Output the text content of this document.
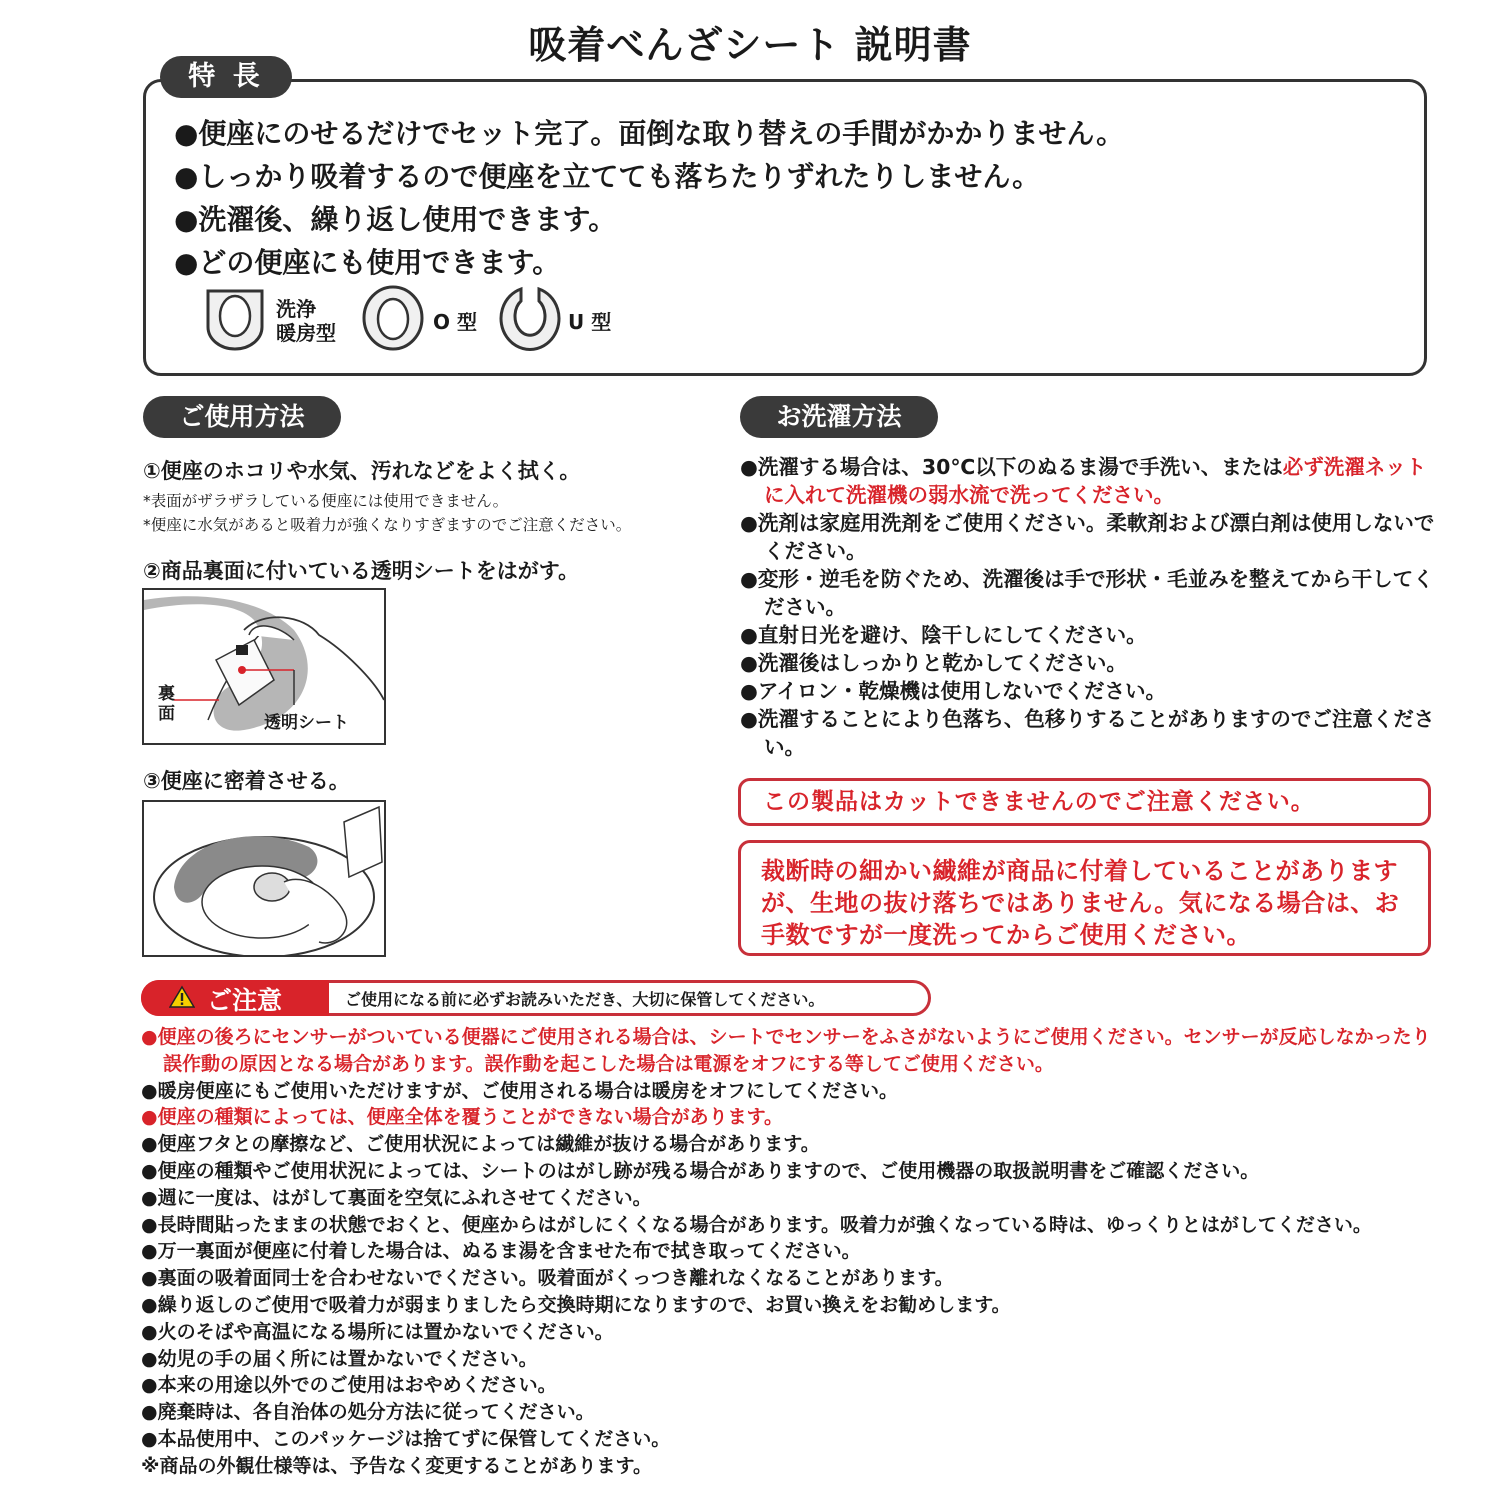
吸着べんざシート 説明書
特 長
●便座にのせるだけでセット完了。面倒な取り替えの手間がかかりません。
●しっかり吸着するので便座を立てても落ちたりずれたりしません。
●洗濯後、繰り返し使用できます。
●どの便座にも使用できます。
洗浄
暖房型	O 型	U 型
ご使用方法
①便座のホコリや水気、汚れなどをよく拭く。
*表面がザラザラしている便座には使用できません。
*便座に水気があると吸着力が強くなりすぎますのでご注意ください。
②商品裏面に付いている透明シートをはがす。
裏
面	透明シート
③便座に密着させる。
お洗濯方法

●洗濯する場合は、30℃以下のぬるま湯で手洗い、または必ず洗濯ネットに入れて洗濯機の弱水流で洗ってください。

●洗剤は家庭用洗剤をご使用ください。柔軟剤および漂白剤は使用しないでください。

●変形・逆毛を防ぐため、洗濯後は手で形状・毛並みを整えてから干してください。

●直射日光を避け、陰干しにしてください。

●洗濯後はしっかりと乾かしてください。

●アイロン・乾燥機は使用しないでください。

●洗濯することにより色落ち、色移りすることがありますのでご注意ください。

この製品はカットできませんのでご注意ください。
裁断時の細かい繊維が商品に付着していることがありますが、生地の抜け落ちではありません。気になる場合は、お手数ですが一度洗ってからご使用ください。
ご注意	ご使用になる前に必ずお読みいただき、大切に保管してください。

●便座の後ろにセンサーがついている便器にご使用される場合は、シートでセンサーをふさがないようにご使用ください。センサーが反応しなかったり誤作動の原因となる場合があります。誤作動を起こした場合は電源をオフにする等してご使用ください。

●暖房便座にもご使用いただけますが、ご使用される場合は暖房をオフにしてください。

●便座の種類によっては、便座全体を覆うことができない場合があります。

●便座フタとの摩擦など、ご使用状況によっては繊維が抜ける場合があります。

●便座の種類やご使用状況によっては、シートのはがし跡が残る場合がありますので、ご使用機器の取扱説明書をご確認ください。

●週に一度は、はがして裏面を空気にふれさせてください。

●長時間貼ったままの状態でおくと、便座からはがしにくくなる場合があります。吸着力が強くなっている時は、ゆっくりとはがしてください。

●万一裏面が便座に付着した場合は、ぬるま湯を含ませた布で拭き取ってください。

●裏面の吸着面同士を合わせないでください。吸着面がくっつき離れなくなることがあります。

●繰り返しのご使用で吸着力が弱まりましたら交換時期になりますので、お買い換えをお勧めします。

●火のそばや高温になる場所には置かないでください。

●幼児の手の届く所には置かないでください。

●本来の用途以外でのご使用はおやめください。

●廃棄時は、各自治体の処分方法に従ってください。

●本品使用中、このパッケージは捨てずに保管してください。

※商品の外観仕様等は、予告なく変更することがあります。
